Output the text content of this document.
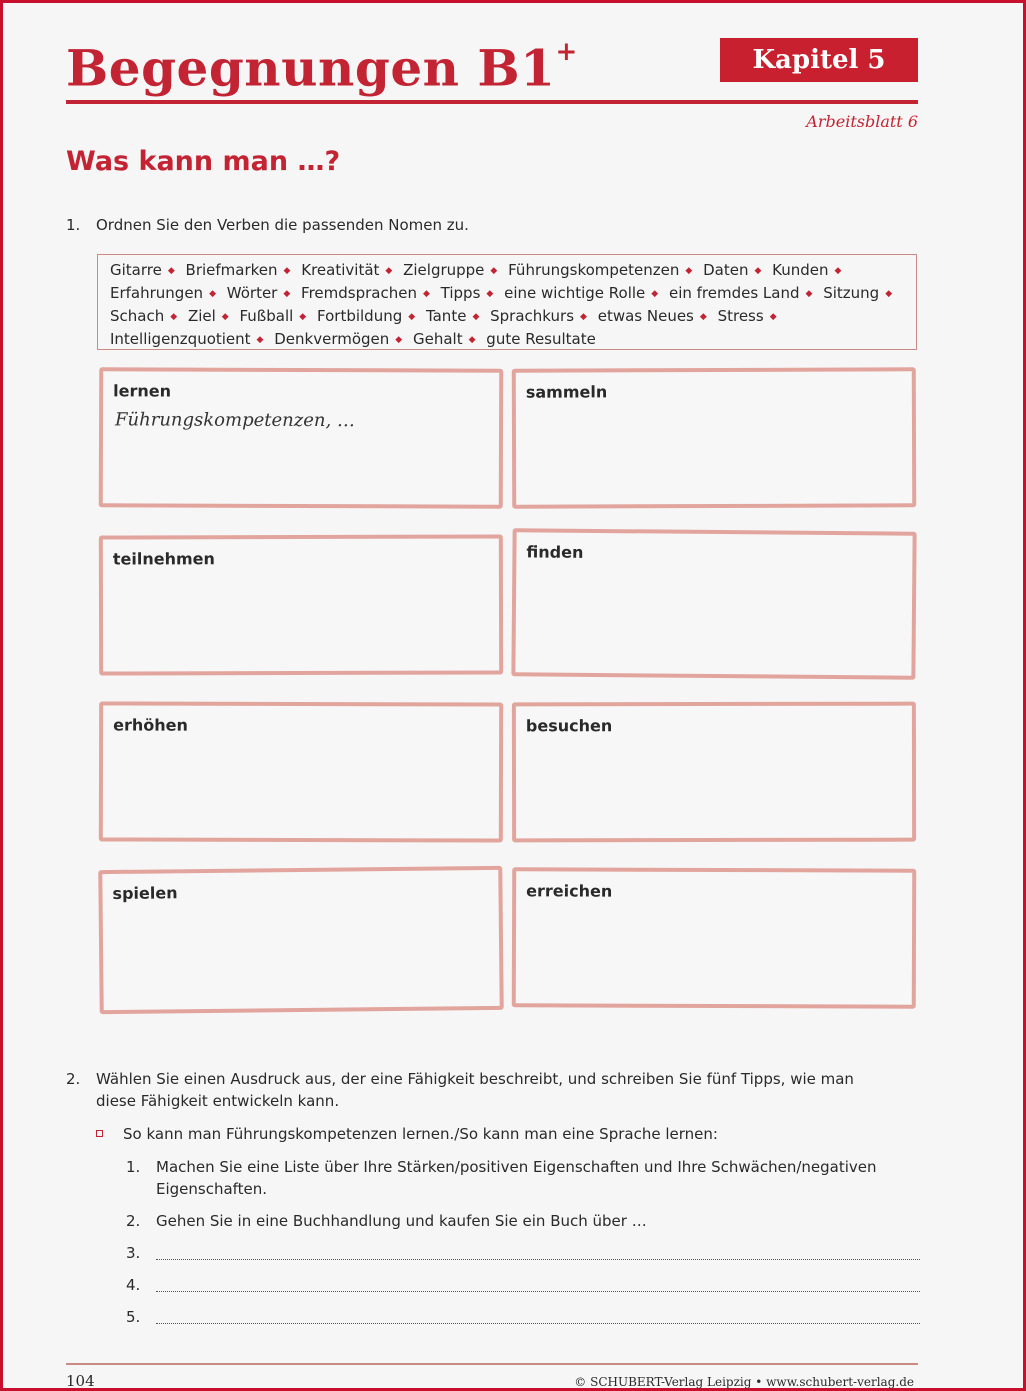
Begegnungen B1+	Kapitel 5
Arbeitsblatt 6
Was kann man …?
1. Ordnen Sie den Verben die passenden Nomen zu.
Gitarre ◆ Briefmarken ◆ Kreativität ◆ Zielgruppe ◆ Führungskompetenzen ◆ Daten ◆ Kunden ◆ Erfahrungen ◆ Wörter ◆ Fremdsprachen ◆ Tipps ◆ eine wichtige Rolle ◆ ein fremdes Land ◆ Sitzung ◆ Schach ◆ Ziel ◆ Fußball ◆ Fortbildung ◆ Tante ◆ Sprachkurs ◆ etwas Neues ◆ Stress ◆ Intelligenzquotient ◆ Denkvermögen ◆ Gehalt ◆ gute Resultate
lernen
Führungskompetenzen, …
sammeln
teilnehmen	finden
erhöhen	besuchen
spielen	erreichen
2. Wählen Sie einen Ausdruck aus, der eine Fähigkeit beschreibt, und schreiben Sie fünf Tipps, wie man diese Fähigkeit entwickeln kann.
So kann man Führungskompetenzen lernen./So kann man eine Sprache lernen:
1. Machen Sie eine Liste über Ihre Stärken/positiven Eigenschaften und Ihre Schwächen/negativen Eigenschaften.
2. Gehen Sie in eine Buchhandlung und kaufen Sie ein Buch über …
3.
4.
5.
104	© SCHUBERT-Verlag Leipzig • www.schubert-verlag.de
